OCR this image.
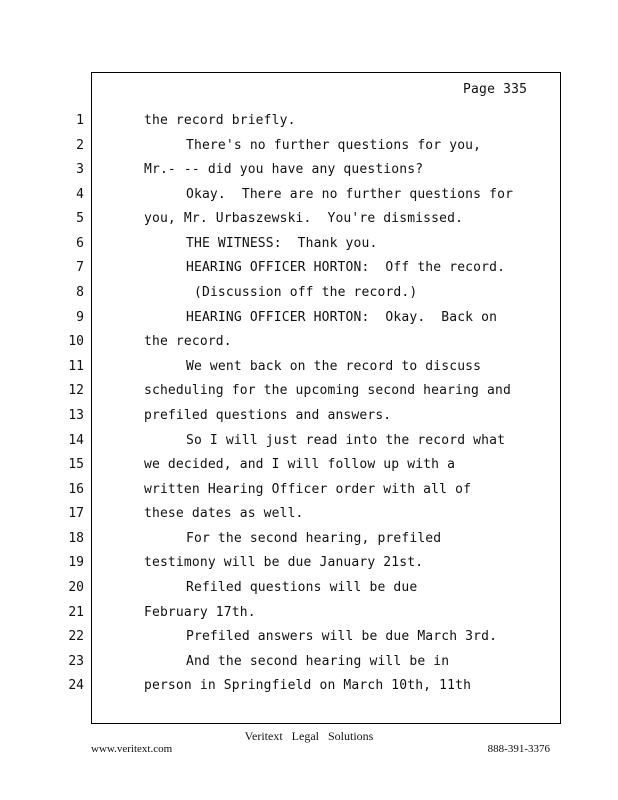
Page 335
1
2
3
4
5
6
7
8
9
10
11
12
13
14
15
16
17
18
19
20
21
22
23
24
the record briefly.
There's no further questions for you,
Mr.- -- did you have any questions?
Okay.  There are no further questions for
you, Mr. Urbaszewski.  You're dismissed.
THE WITNESS:  Thank you.
HEARING OFFICER HORTON:  Off the record.
(Discussion off the record.)
HEARING OFFICER HORTON:  Okay.  Back on
the record.
We went back on the record to discuss
scheduling for the upcoming second hearing and
prefiled questions and answers.
So I will just read into the record what
we decided, and I will follow up with a
written Hearing Officer order with all of
these dates as well.
For the second hearing, prefiled
testimony will be due January 21st.
Refiled questions will be due
February 17th.
Prefiled answers will be due March 3rd.
And the second hearing will be in
person in Springfield on March 10th, 11th
Veritext Legal Solutions
www.veritext.com	888-391-3376
